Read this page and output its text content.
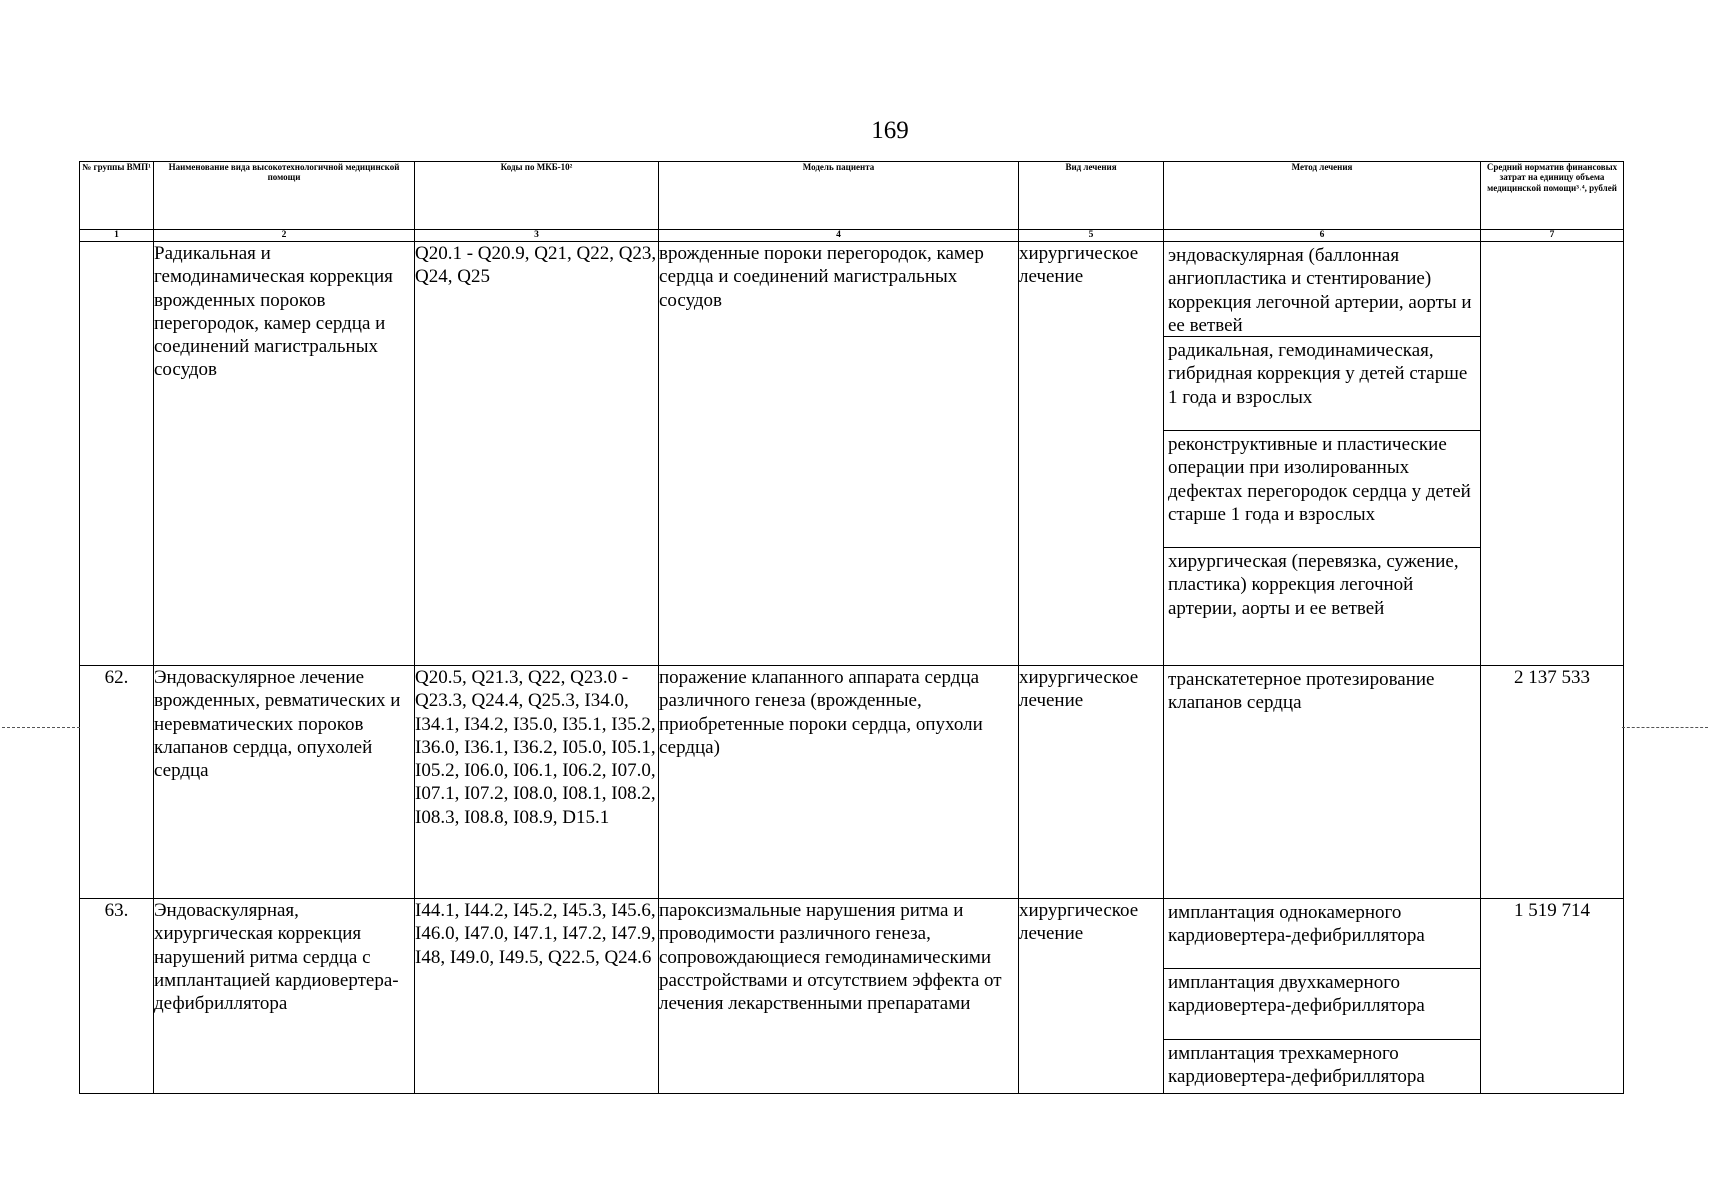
169
№ группы ВМП¹	Наименование вида высокотехнологичной медицинской помощи	Коды по МКБ-10²	Модель пациента	Вид лечения	Метод лечения	Средний норматив финансовых затрат на единицу объема медицинской помощи³˒⁴, рублей
1	2	3	4	5	6	7
	Радикальная и гемодинамическая коррекция врожденных пороков перегородок, камер сердца и соединений магистральных сосудов	Q20.1 - Q20.9, Q21, Q22, Q23, Q24, Q25	врожденные пороки перегородок, камер сердца и соединений магистральных сосудов	хирургическое лечение	эндоваскулярная (баллонная ангиопластика и стентирование) коррекция легочной артерии, аорты и ее ветвей
радикальная, гемодинамическая, гибридная коррекция у детей старше 1 года и взрослых
реконструктивные и пластические операции при изолированных дефектах перегородок сердца у детей старше 1 года и взрослых
хирургическая (перевязка, сужение, пластика) коррекция легочной артерии, аорты и ее ветвей	

62.	Эндоваскулярное лечение врожденных, ревматических и неревматических пороков клапанов сердца, опухолей сердца	Q20.5, Q21.3, Q22, Q23.0 - Q23.3, Q24.4, Q25.3, I34.0, I34.1, I34.2, I35.0, I35.1, I35.2, I36.0, I36.1, I36.2, I05.0, I05.1, I05.2, I06.0, I06.1, I06.2, I07.0, I07.1, I07.2, I08.0, I08.1, I08.2, I08.3, I08.8, I08.9, D15.1	поражение клапанного аппарата сердца различного генеза (врожденные, приобретенные пороки сердца, опухоли сердца)	хирургическое лечение	транскатетерное протезирование клапанов сердца	2 137 533
63.	Эндоваскулярная, хирургическая коррекция нарушений ритма сердца с имплантацией кардиовертера-дефибриллятора	I44.1, I44.2, I45.2, I45.3, I45.6, I46.0, I47.0, I47.1, I47.2, I47.9, I48, I49.0, I49.5, Q22.5, Q24.6	пароксизмальные нарушения ритма и проводимости различного генеза, сопровождающиеся гемодинамическими расстройствами и отсутствием эффекта от лечения лекарственными препаратами	хирургическое лечение	имплантация однокамерного кардиовертера-дефибриллятора
имплантация двухкамерного кардиовертера-дефибриллятора
имплантация трехкамерного кардиовертера-дефибриллятора	1 519 714
